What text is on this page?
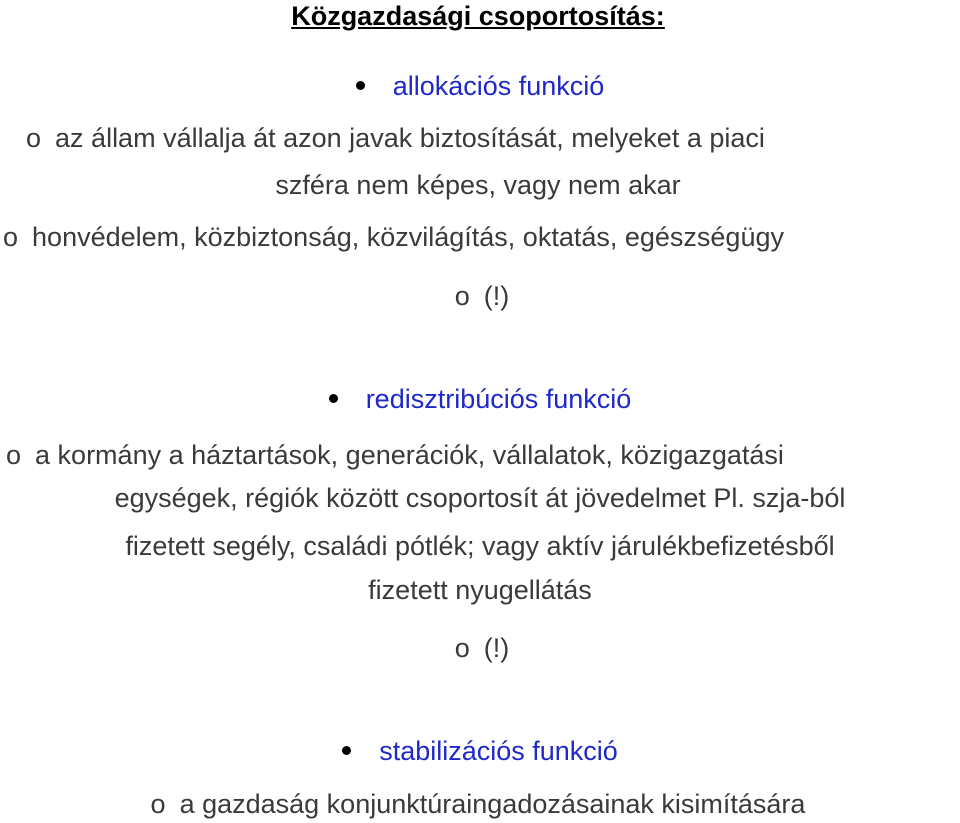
Közgazdasági csoportosítás:
allokációs funkció
o az állam vállalja át azon javak biztosítását, melyeket a piaci
szféra nem képes, vagy nem akar
o honvédelem, közbiztonság, közvilágítás, oktatás, egészségügy
o (!)
redisztribúciós funkció
o a kormány a háztartások, generációk, vállalatok, közigazgatási
egységek, régiók között csoportosít át jövedelmet Pl. szja-ból
fizetett segély, családi pótlék; vagy aktív járulékbefizetésből
fizetett nyugellátás
o (!)
stabilizációs funkció
o a gazdaság konjunktúraingadozásainak kisimítására
